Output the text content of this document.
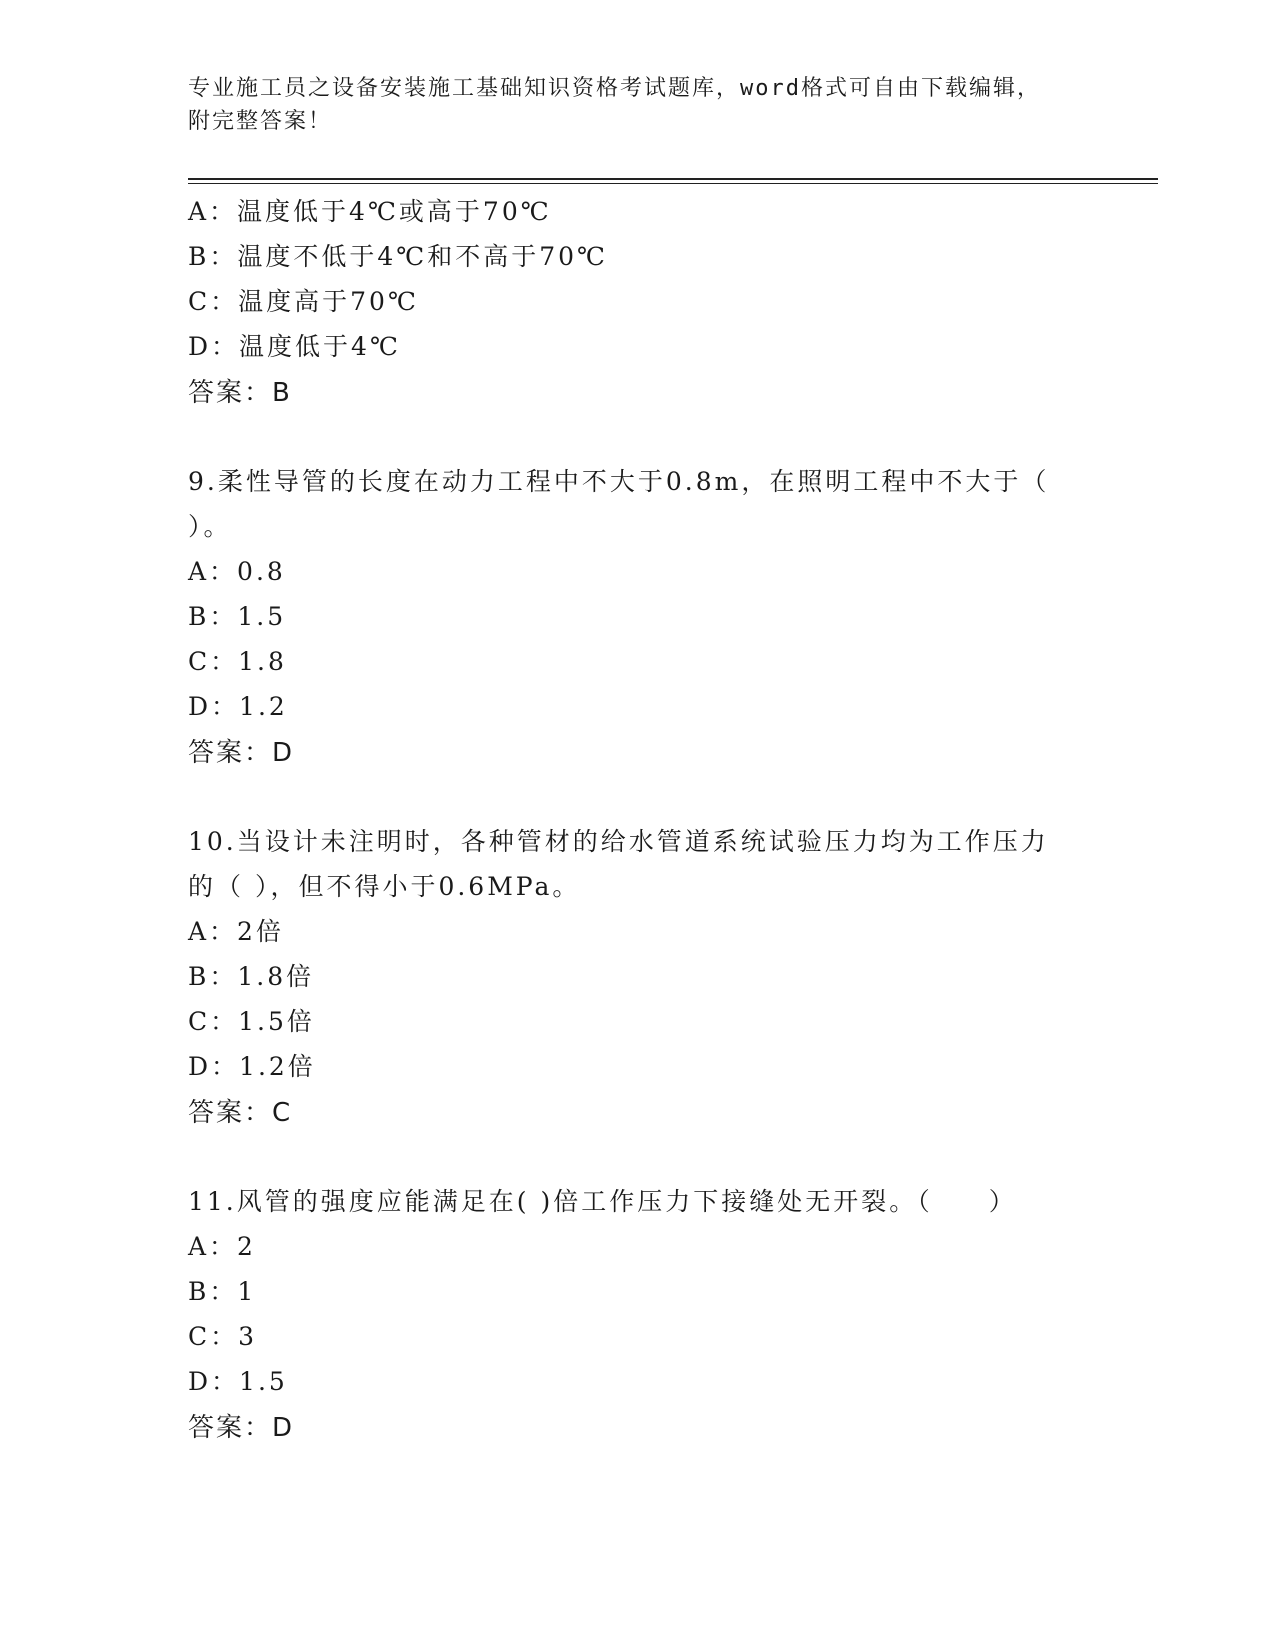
专业施工员之设备安装施工基础知识资格考试题库，word格式可自由下载编辑，
附完整答案！
A：温度低于4℃或高于70℃
B：温度不低于4℃和不高于70℃
C：温度高于70℃
D：温度低于4℃
答案：B
9.柔性导管的长度在动力工程中不大于0.8m，在照明工程中不大于（
）。
A：0.8
B：1.5
C：1.8
D：1.2
答案：D
10.当设计未注明时，各种管材的给水管道系统试验压力均为工作压力
的（ ），但不得小于0.6MPa。
A：2倍
B：1.8倍
C：1.5倍
D：1.2倍
答案：C
11.风管的强度应能满足在( )倍工作压力下接缝处无开裂。（　　）
A：2
B：1
C：3
D：1.5
答案：D
